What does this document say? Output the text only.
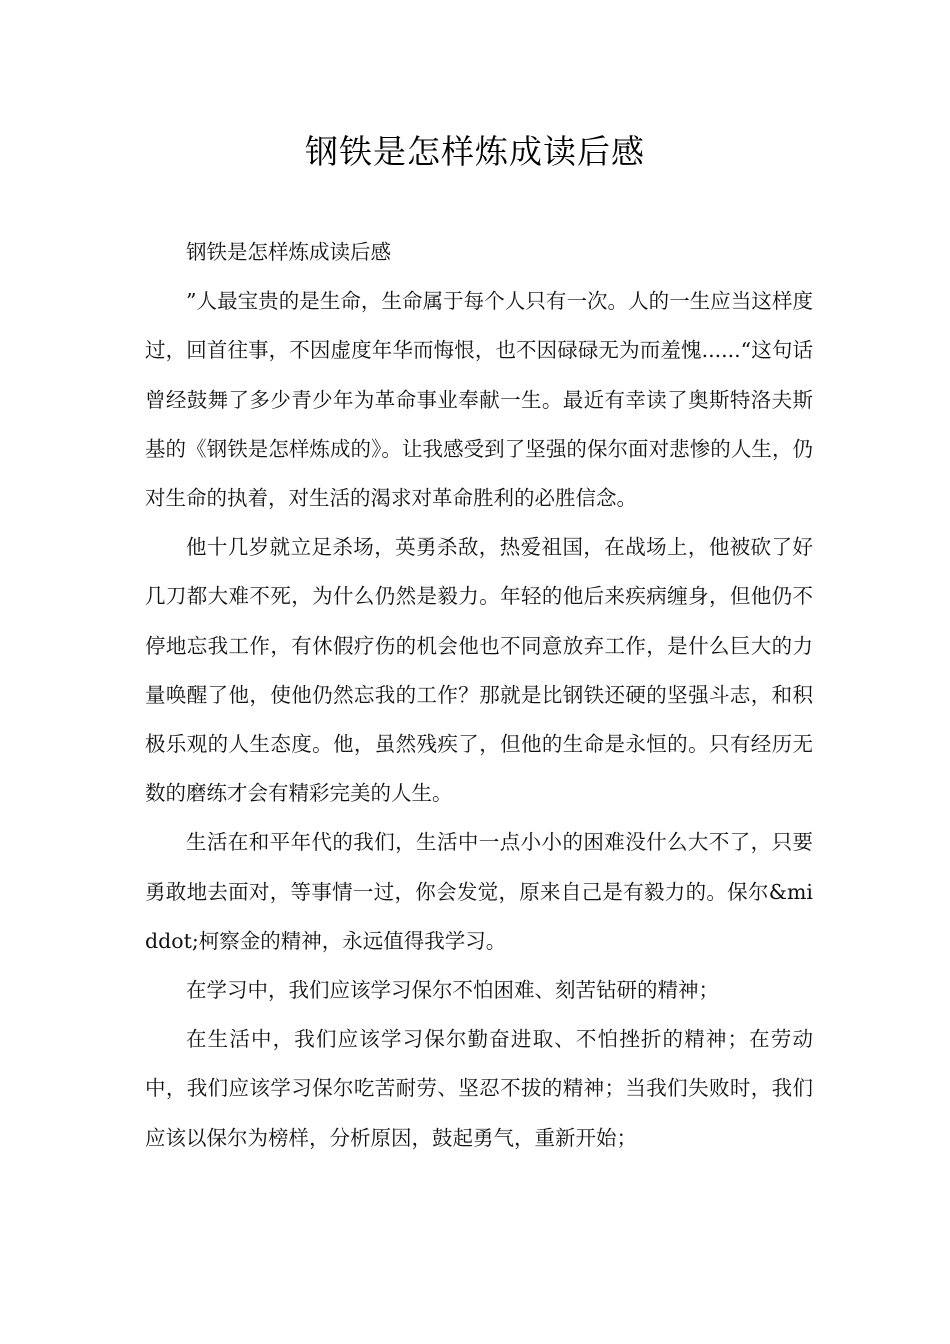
钢铁是怎样炼成读后感

钢铁是怎样炼成读后感

”人最宝贵的是生命，生命属于每个人只有一次。人的一生应当这样度过，回首往事，不因虚度年华而悔恨，也不因碌碌无为而羞愧......“这句话曾经鼓舞了多少青少年为革命事业奉献一生。最近有幸读了奥斯特洛夫斯基的《钢铁是怎样炼成的》。让我感受到了坚强的保尔面对悲惨的人生，仍对生命的执着，对生活的渴求对革命胜利的必胜信念。

他十几岁就立足杀场，英勇杀敌，热爱祖国，在战场上，他被砍了好几刀都大难不死，为什么仍然是毅力。年轻的他后来疾病缠身，但他仍不停地忘我工作，有休假疗伤的机会他也不同意放弃工作，是什么巨大的力量唤醒了他，使他仍然忘我的工作？那就是比钢铁还硬的坚强斗志，和积极乐观的人生态度。他，虽然残疾了，但他的生命是永恒的。只有经历无数的磨练才会有精彩完美的人生。

生活在和平年代的我们，生活中一点小小的困难没什么大不了，只要勇敢地去面对，等事情一过，你会发觉，原来自己是有毅力的。保尔&middot;柯察金的精神，永远值得我学习。

在学习中，我们应该学习保尔不怕困难、刻苦钻研的精神；

在生活中，我们应该学习保尔勤奋进取、不怕挫折的精神；在劳动中，我们应该学习保尔吃苦耐劳、坚忍不拔的精神；当我们失败时，我们应该以保尔为榜样，分析原因，鼓起勇气，重新开始；
